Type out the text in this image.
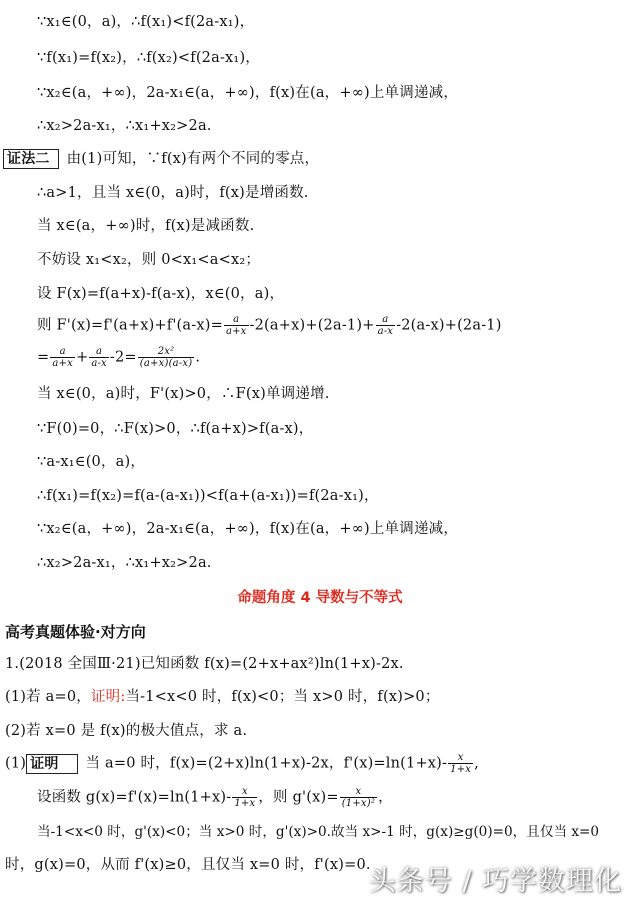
∵x₁∈(0，a)，∴f(x₁)<f(2a-x₁)，
∵f(x₁)=f(x₂)，∴f(x₂)<f(2a-x₁)，
∵x₂∈(a，+∞)，2a-x₁∈(a，+∞)，f(x)在(a，+∞)上单调递减，
∴x₂>2a-x₁，∴x₁+x₂>2a.
证法二 由(1)可知，∵f(x)有两个不同的零点，
∴a>1，且当 x∈(0，a)时，f(x)是增函数.
当 x∈(a，+∞)时，f(x)是减函数.
不妨设 x₁<x₂，则 0<x₁<a<x₂；
设 F(x)=f(a+x)-f(a-x)，x∈(0，a)，
则 $F'(x)=f'(a+x)+f'(a-x)= \frac{a}{a+x} -2(a+x)+(2a-1)+ \frac{a}{a-x} -2(a-x)+(2a-1)$
= $\frac{a}{a+x} + \frac{a}{a-x} -2= \frac{\text{2x²}}{(a+x)(a-x)}$ .
当 x∈(0，a)时，F'(x)>0，∴F(x)单调递增.
∵F(0)=0，∴F(x)>0，∴f(a+x)>f(a-x)，
∵a-x₁∈(0，a)，
∴f(x₁)=f(x₂)=f(a-(a-x₁))<f(a+(a-x₁))=f(2a-x₁)，
∵x₂∈(a，+∞)，2a-x₁∈(a，+∞)，f(x)在(a，+∞)上单调递减，
∴x₂>2a-x₁，∴x₁+x₂>2a.
命题角度 4 导数与不等式
高考真题体验·对方向
1.(2018 全国Ⅲ·21)已知函数 f(x)=(2+x+ax²)ln(1+x)-2x.
(1)若 a=0，证明:当-1<x<0 时，f(x)<0；当 x>0 时，f(x)>0；
(2)若 x=0 是 f(x)的极大值点，求 a.
(1) 证明 当 a=0 时，f(x)=(2+x)ln(1+x)-2x，$f'(x)=\ln(1+x)- \frac{x}{1+x}$ ,
设函数 $g(x)=f'(x)=\ln(1+x)- \frac{x}{1+x}$ ，则 $g'(x)= \frac{x}{\text{(1+x)²}}$ ，
当-1<x<0 时，g'(x)<0；当 x>0 时，g'(x)>0.故当 x>-1 时，g(x)≥g(0)=0，且仅当 x=0
时，g(x)=0，从而 f'(x)≥0，且仅当 x=0 时，f'(x)=0.
头条号 / 巧学数理化
